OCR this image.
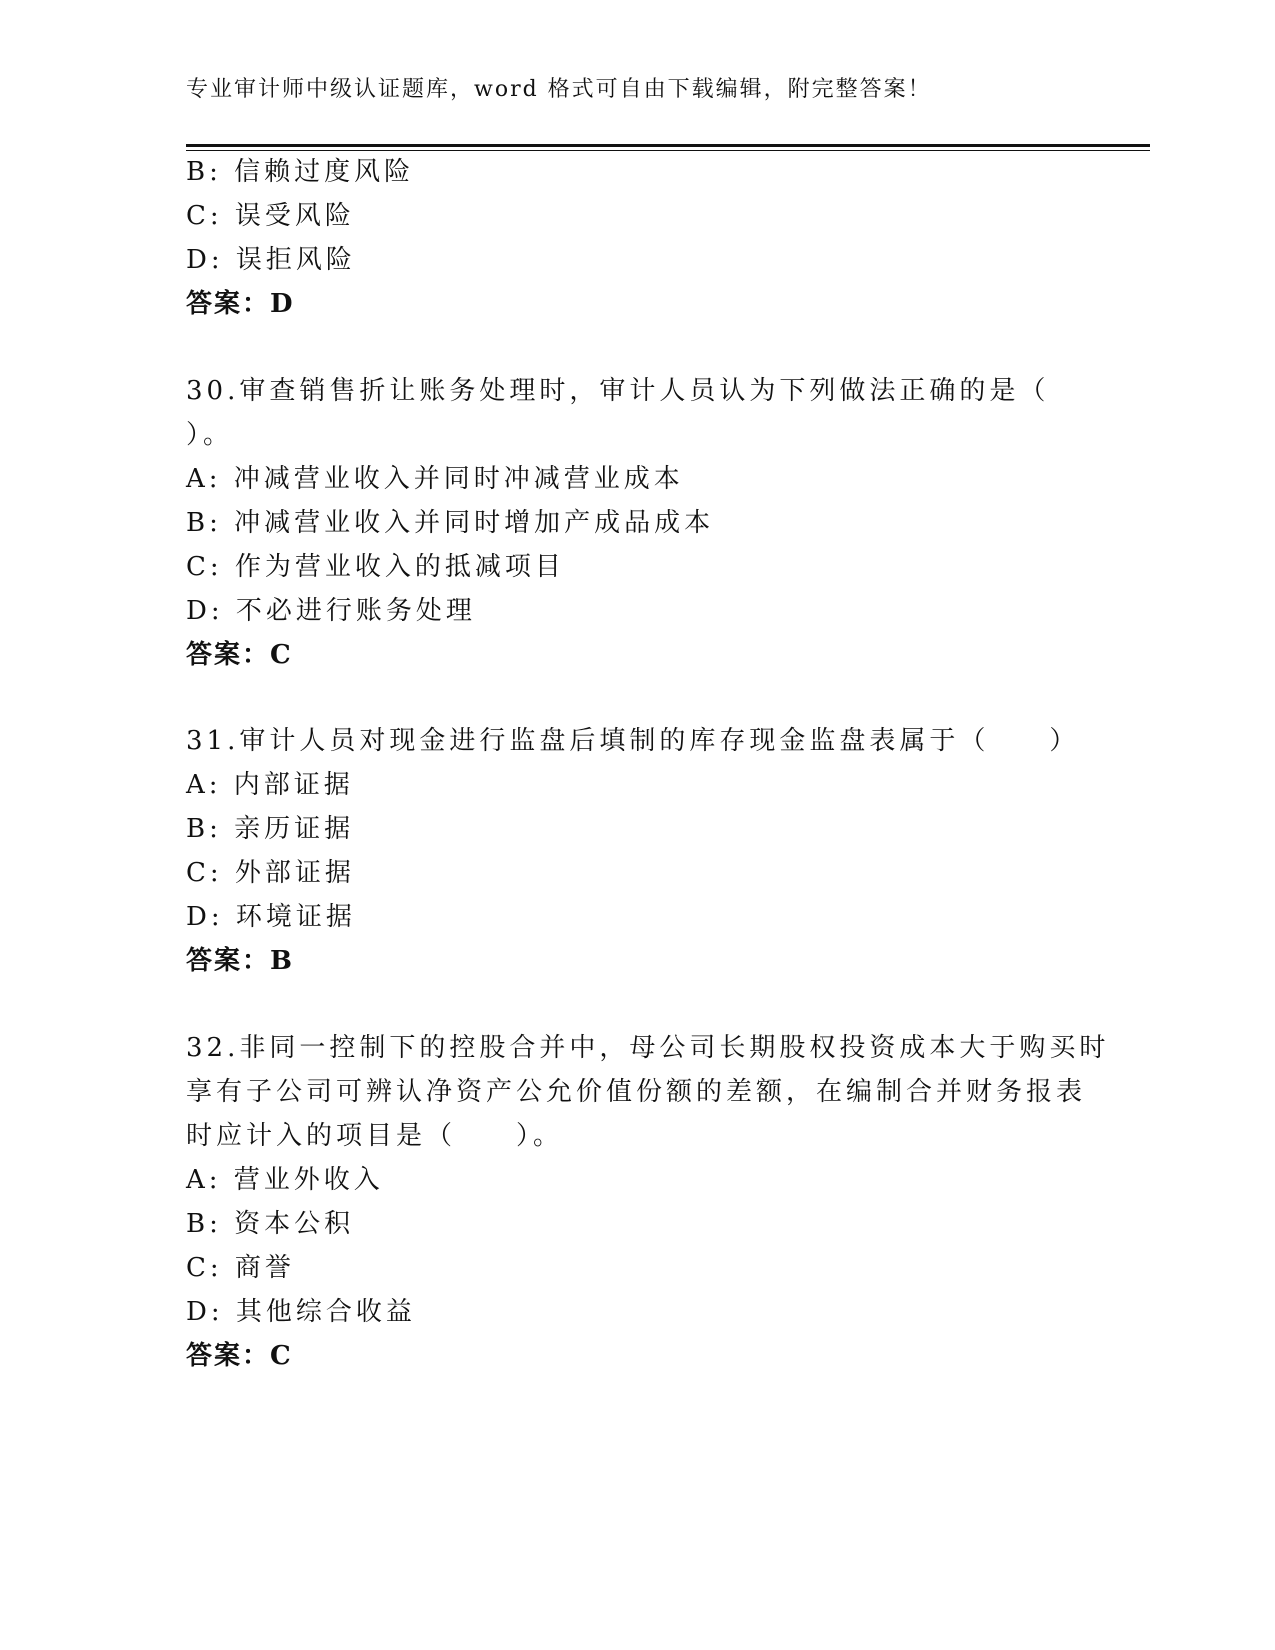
专业审计师中级认证题库，word 格式可自由下载编辑，附完整答案！
B: 信赖过度风险
C: 误受风险
D: 误拒风险
答案：D
30.审查销售折让账务处理时，审计人员认为下列做法正确的是（
）。
A: 冲减营业收入并同时冲减营业成本
B: 冲减营业收入并同时增加产成品成本
C: 作为营业收入的抵减项目
D: 不必进行账务处理
答案：C
31.审计人员对现金进行监盘后填制的库存现金监盘表属于（　　）
A: 内部证据
B: 亲历证据
C: 外部证据
D: 环境证据
答案：B
32.非同一控制下的控股合并中，母公司长期股权投资成本大于购买时
享有子公司可辨认净资产公允价值份额的差额，在编制合并财务报表
时应计入的项目是（　　）。
A: 营业外收入
B: 资本公积
C: 商誉
D: 其他综合收益
答案：C
